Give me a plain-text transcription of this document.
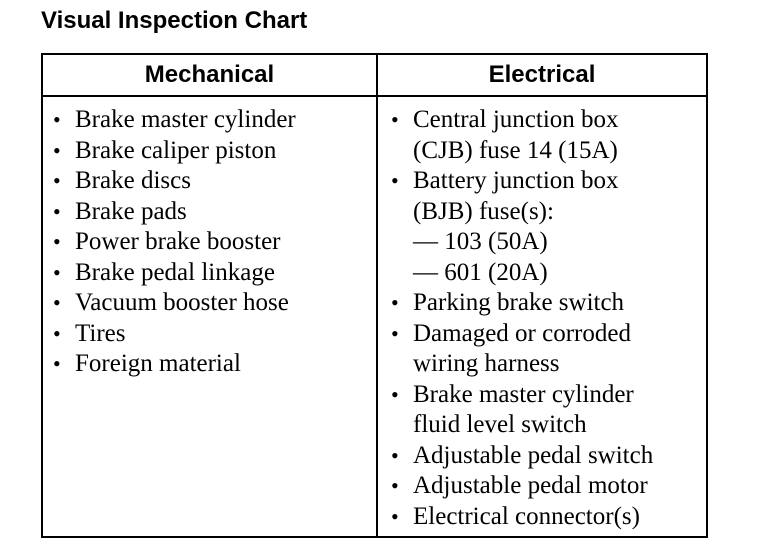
Visual Inspection Chart
Mechanical	Electrical
• Brake master cylinder
• Brake caliper piston
• Brake discs
• Brake pads
• Power brake booster
• Brake pedal linkage
• Vacuum booster hose
• Tires
• Foreign material
• Central junction box
(CJB) fuse 14 (15A)
• Battery junction box
(BJB) fuse(s):
— 103 (50A)
— 601 (20A)
• Parking brake switch
• Damaged or corroded
wiring harness
• Brake master cylinder
fluid level switch
• Adjustable pedal switch
• Adjustable pedal motor
• Electrical connector(s)
